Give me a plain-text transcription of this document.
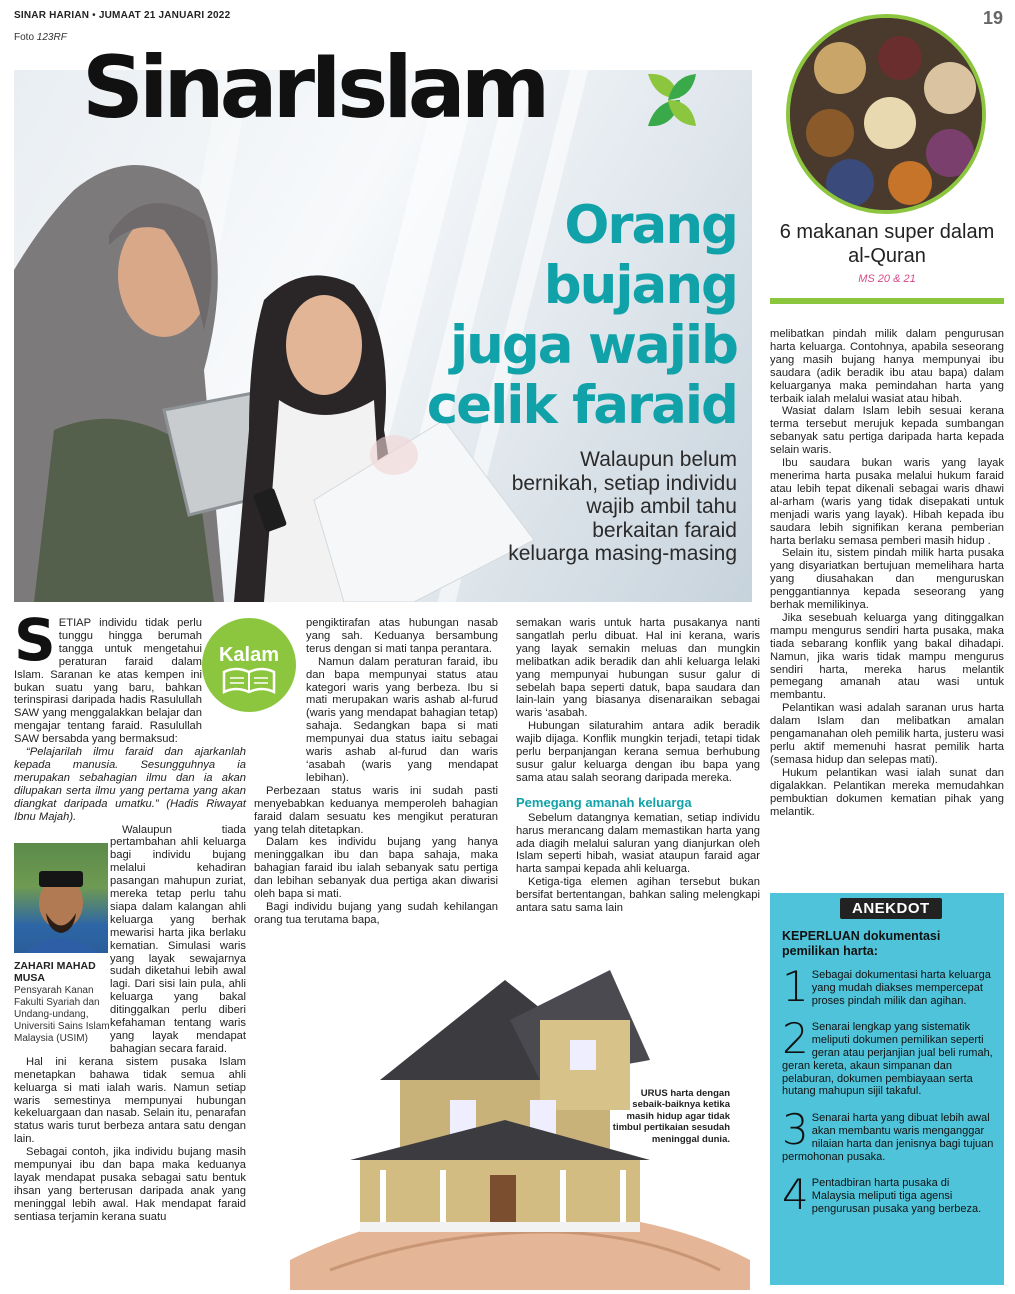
SINAR HARIAN • JUMAAT 21 JANUARI 2022
Foto 123RF
19
SinarIslam
Orang
bujang
juga wajib
celik faraid
Walaupun belum bernikah, setiap individu wajib ambil tahu berkaitan faraid keluarga masing-masing
6 makanan super dalam al-Quran
MS 20 & 21
Kalam

S ETIAP individu tidak perlu tunggu hingga berumah tangga untuk mengetahui peraturan faraid dalam Islam. Saranan ke atas kempen ini bukan suatu yang baru, bahkan terinspirasi daripada hadis Rasulullah SAW yang menggalakkan belajar dan mengajar tentang faraid. Rasulullah SAW bersabda yang bermaksud:

“Pelajarilah ilmu faraid dan ajarkanlah kepada manusia. Sesungguhnya ia merupakan sebahagian ilmu dan ia akan dilupakan serta ilmu yang pertama yang akan diangkat daripada umatku.” (Hadis Riwayat Ibnu Majah).

Walaupun tiada pertambahan ahli keluarga bagi individu bujang melalui kehadiran pasangan mahupun zuriat, mereka tetap perlu tahu siapa dalam kalangan ahli keluarga yang berhak mewarisi harta jika berlaku kematian. Simulasi waris yang layak sewajarnya sudah diketahui lebih awal lagi. Dari sisi lain pula, ahli keluarga yang bakal ditinggalkan perlu diberi kefahaman tentang waris yang layak mendapat bahagian secara faraid.

Hal ini kerana sistem pusaka Islam menetapkan bahawa tidak semua ahli keluarga si mati ialah waris. Namun setiap waris semestinya mempunyai hubungan kekeluargaan dan nasab. Selain itu, penarafan status waris turut berbeza antara satu dengan lain.

Sebagai contoh, jika individu bujang masih mempunyai ibu dan bapa maka keduanya layak mendapat pusaka sebagai satu bentuk ihsan yang berterusan daripada anak yang meninggal lebih awal. Hak mendapat faraid sentiasa terjamin kerana suatu

ZAHARI MAHAD MUSA
Pensyarah Kanan Fakulti Syariah dan Undang-undang, Universiti Sains Islam Malaysia (USIM)

pengiktirafan atas hubungan nasab yang sah. Keduanya bersambung terus dengan si mati tanpa perantara.

Namun dalam peraturan faraid, ibu dan bapa mempunyai status atau kategori waris yang berbeza. Ibu si mati merupakan waris ashab al-furud (waris yang mendapat bahagian tetap) sahaja. Sedangkan bapa si mati mempunyai dua status iaitu sebagai waris ashab al-furud dan waris ‘asabah (waris yang mendapat lebihan).

Perbezaan status waris ini sudah pasti menyebabkan keduanya memperoleh bahagian faraid dalam sesuatu kes mengikut peraturan yang telah ditetapkan.

Dalam kes individu bujang yang hanya meninggalkan ibu dan bapa sahaja, maka bahagian faraid ibu ialah sebanyak satu pertiga dan lebihan sebanyak dua pertiga akan diwarisi oleh bapa si mati.

Bagi individu bujang yang sudah kehilangan orang tua terutama bapa,

semakan waris untuk harta pusakanya nanti sangatlah perlu dibuat. Hal ini kerana, waris yang layak semakin meluas dan mungkin melibatkan adik beradik dan ahli keluarga lelaki yang mempunyai hubungan susur galur di sebelah bapa seperti datuk, bapa saudara dan lain-lain yang biasanya disenaraikan sebagai waris ‘asabah.

Hubungan silaturahim antara adik beradik wajib dijaga. Konflik mungkin terjadi, tetapi tidak perlu berpanjangan kerana semua berhubung susur galur keluarga dengan ibu bapa yang sama atau salah seorang daripada mereka.

Pemegang amanah keluarga

Sebelum datangnya kematian, setiap individu harus merancang dalam memastikan harta yang ada diagih melalui saluran yang dianjurkan oleh Islam seperti hibah, wasiat ataupun faraid agar harta sampai kepada ahli keluarga.

Ketiga-tiga elemen agihan tersebut bukan bersifat bertentangan, bahkan saling melengkapi antara satu sama lain

URUS harta dengan sebaik-baiknya ketika masih hidup agar tidak timbul pertikaian sesudah meninggal dunia.

melibatkan pindah milik dalam pengurusan harta keluarga. Contohnya, apabila seseorang yang masih bujang hanya mempunyai ibu saudara (adik beradik ibu atau bapa) dalam keluarganya maka pemindahan harta yang terbaik ialah melalui wasiat atau hibah.

Wasiat dalam Islam lebih sesuai kerana terma tersebut merujuk kepada sumbangan sebanyak satu pertiga daripada harta kepada selain waris.

Ibu saudara bukan waris yang layak menerima harta pusaka melalui hukum faraid atau lebih tepat dikenali sebagai waris dhawi al-arham (waris yang tidak disepakati untuk menjadi waris yang layak). Hibah kepada ibu saudara lebih signifikan kerana pemberian harta berlaku semasa pemberi masih hidup .

Selain itu, sistem pindah milik harta pusaka yang disyariatkan bertujuan memelihara harta yang diusahakan dan menguruskan penggantiannya kepada seseorang yang berhak memilikinya.

Jika sesebuah keluarga yang ditinggalkan mampu mengurus sendiri harta pusaka, maka tiada sebarang konflik yang bakal dihadapi. Namun, jika waris tidak mampu mengurus sendiri harta, mereka harus melantik pemegang amanah atau wasi untuk membantu.

Pelantikan wasi adalah saranan urus harta dalam Islam dan melibatkan amalan pengamanahan oleh pemilik harta, justeru wasi perlu aktif memenuhi hasrat pemilik harta (semasa hidup dan selepas mati).

Hukum pelantikan wasi ialah sunat dan digalakkan. Pelantikan mereka memudahkan pembuktian dokumen kematian pihak yang melantik.

KEPERLUAN dokumentasi pemilikan harta:
1 Sebagai dokumentasi harta keluarga yang mudah diakses mempercepat proses pindah milik dan agihan.
2 Senarai lengkap yang sistematik meliputi dokumen pemilikan seperti geran atau perjanjian jual beli rumah, geran kereta, akaun simpanan dan pelaburan, dokumen pembiayaan serta hutang mahupun sijil takaful.
3 Senarai harta yang dibuat lebih awal akan membantu waris menganggar nilaian harta dan jenisnya bagi tujuan permohonan pusaka.
4 Pentadbiran harta pusaka di Malaysia meliputi tiga agensi pengurusan pusaka yang berbeza.
ANEKDOT
